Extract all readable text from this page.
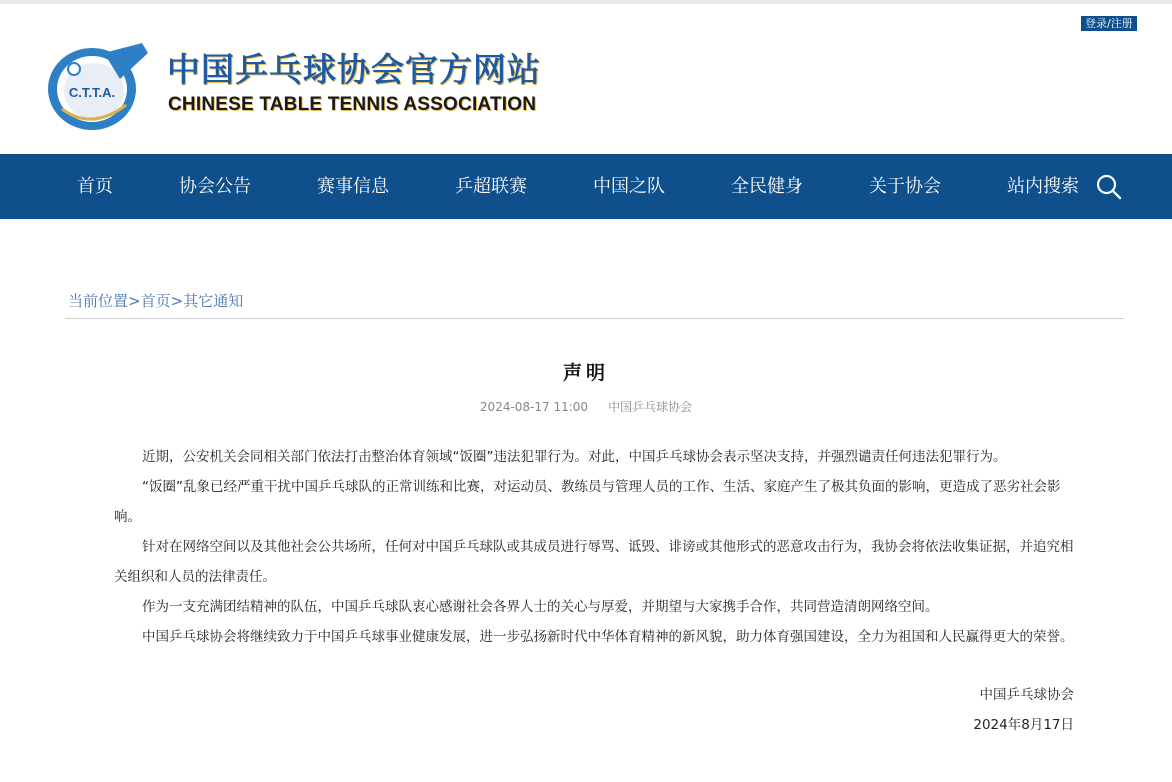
登录/注册
C.T.T.A.
中国乒乓球协会官方网站
CHINESE TABLE TENNIS ASSOCIATION
首页	协会公告	赛事信息	乒超联赛	中国之队	全民健身	关于协会	站内搜索
当前位置>首页>其它通知
声明
2024-08-17 11:00 中国乒乓球协会

近期，公安机关会同相关部门依法打击整治体育领域“饭圈”违法犯罪行为。对此，中国乒乓球协会表示坚决支持，并强烈谴责任何违法犯罪行为。

“饭圈”乱象已经严重干扰中国乒乓球队的正常训练和比赛，对运动员、教练员与管理人员的工作、生活、家庭产生了极其负面的影响，更造成了恶劣社会影响。

针对在网络空间以及其他社会公共场所，任何对中国乒乓球队或其成员进行辱骂、诋毁、诽谤或其他形式的恶意攻击行为，我协会将依法收集证据，并追究相关组织和人员的法律责任。

作为一支充满团结精神的队伍，中国乒乓球队衷心感谢社会各界人士的关心与厚爱，并期望与大家携手合作，共同营造清朗网络空间。

中国乒乓球协会将继续致力于中国乒乓球事业健康发展，进一步弘扬新时代中华体育精神的新风貌，助力体育强国建设，全力为祖国和人民赢得更大的荣誉。

中国乒乓球协会
2024年8月17日
